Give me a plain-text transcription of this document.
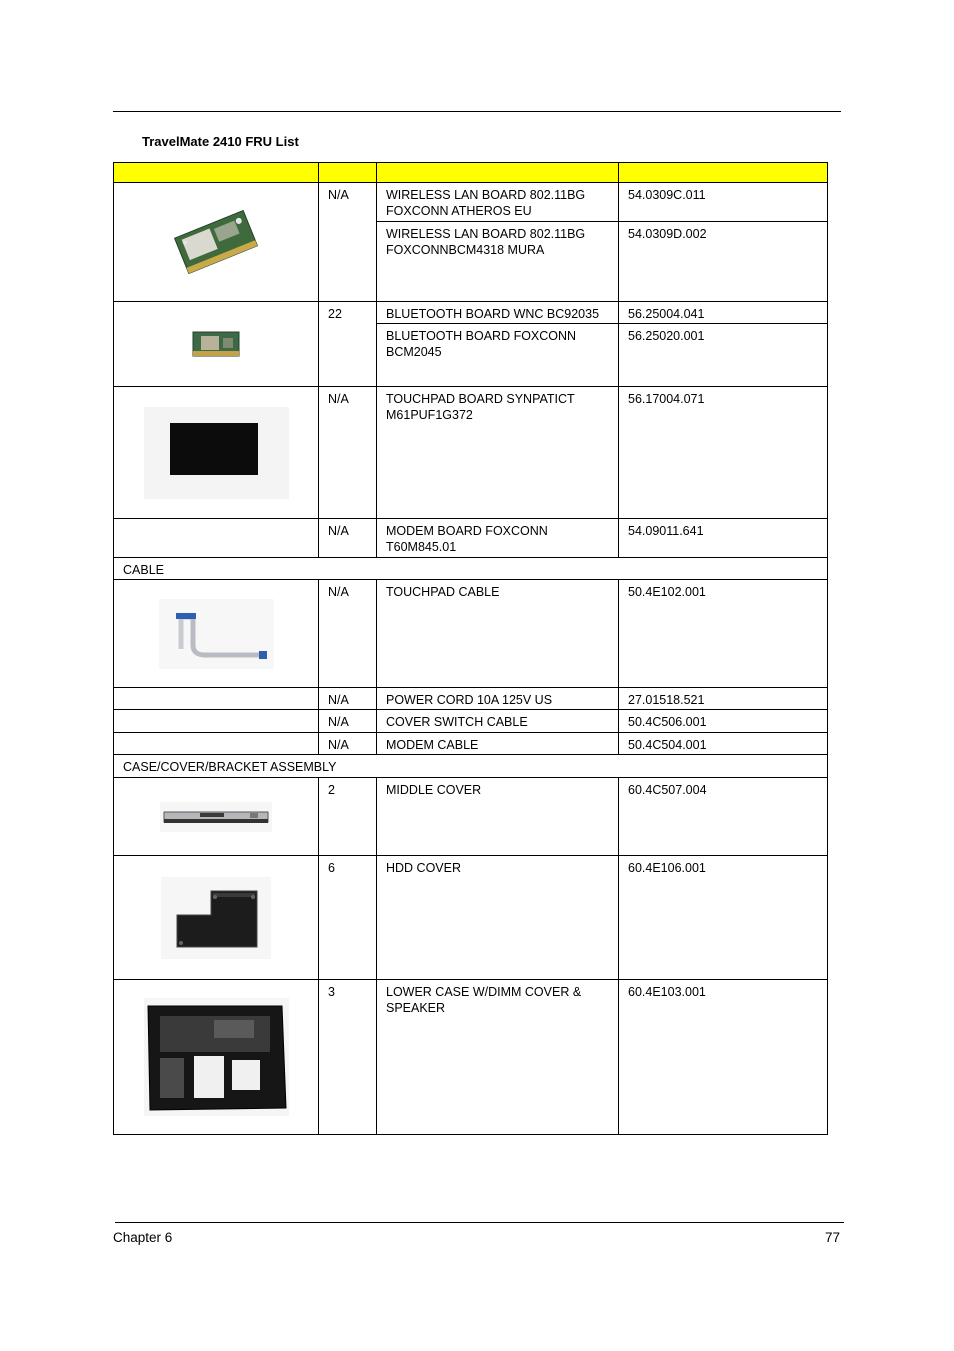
TravelMate 2410 FRU List

	N/A	WIRELESS LAN BOARD 802.11BG FOXCONN ATHEROS EU	54.0309C.011
		WIRELESS LAN BOARD 802.11BG FOXCONNBCM4318 MURA	54.0309D.002

	22	BLUETOOTH BOARD WNC BC92035	56.25004.041
		BLUETOOTH BOARD FOXCONN BCM2045	56.25020.001

	N/A	TOUCHPAD BOARD SYNPATICT M61PUF1G372	56.17004.071
	N/A	MODEM BOARD FOXCONN T60M845.01	54.09011.641
CABLE			

	N/A	TOUCHPAD CABLE	50.4E102.001
	N/A	POWER CORD 10A 125V US	27.01518.521
	N/A	COVER SWITCH CABLE	50.4C506.001
	N/A	MODEM CABLE	50.4C504.001
CASE/COVER/BRACKET ASSEMBLY			

	2	MIDDLE COVER	60.4C507.004

	6	HDD COVER	60.4E106.001

	3	LOWER CASE W/DIMM COVER & SPEAKER	60.4E103.001
Chapter 6	77
